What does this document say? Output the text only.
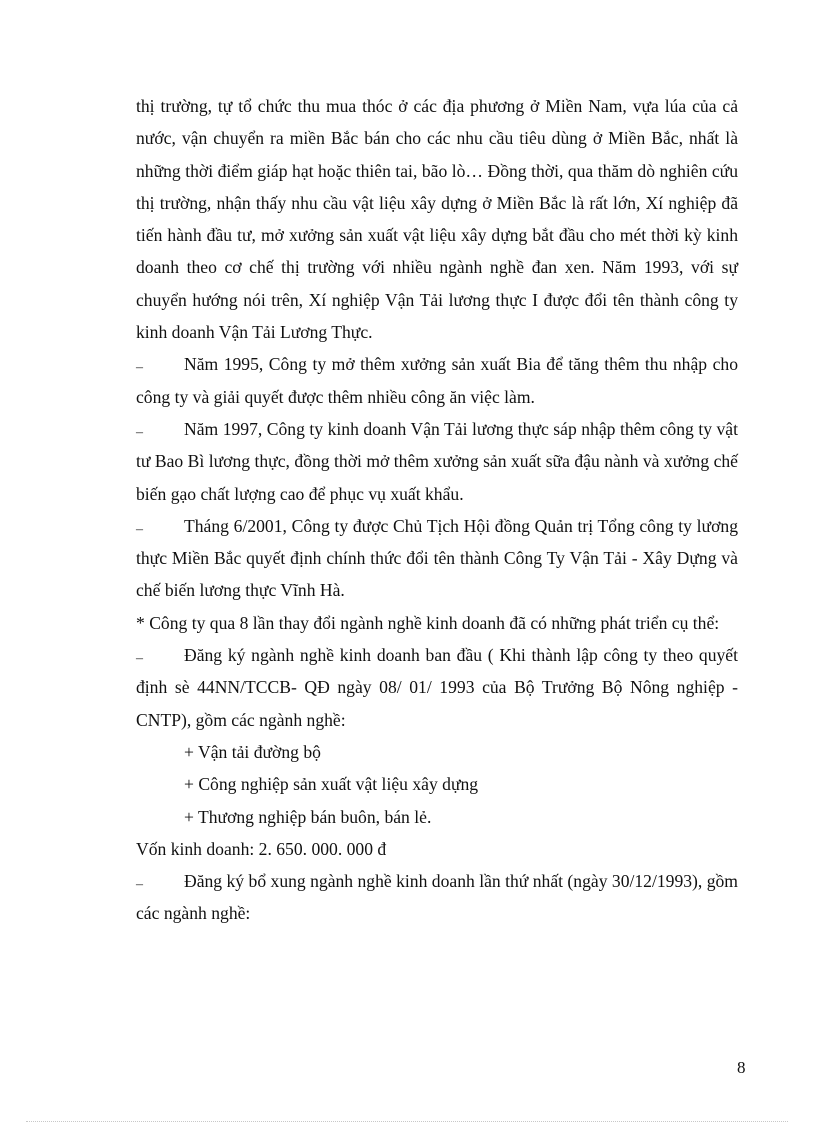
thị trường, tự tổ chức thu mua thóc ở các địa phương ở Miền Nam, vựa lúa của cả nước, vận chuyển ra miền Bắc bán cho các nhu cầu tiêu dùng ở Miền Bắc, nhất là những thời điểm giáp hạt hoặc thiên tai, bão lò… Đồng thời, qua thăm dò nghiên cứu thị trường, nhận thấy nhu cầu vật liệu xây dựng ở Miền Bắc là rất lớn, Xí nghiệp đã tiến hành đầu tư, mở xưởng sản xuất vật liệu xây dựng bắt đầu cho mét thời kỳ kinh doanh theo cơ chế thị trường với nhiều ngành nghề đan xen. Năm 1993, với sự chuyển hướng nói trên, Xí nghiệp Vận Tải lương thực I được đổi tên thành công ty kinh doanh Vận Tải Lương Thực.

– Năm 1995, Công ty mở thêm xưởng sản xuất Bia để tăng thêm thu nhập cho công ty và giải quyết được thêm nhiều công ăn việc làm.

– Năm 1997, Công ty kinh doanh Vận Tải lương thực sáp nhập thêm công ty vật tư Bao Bì lương thực, đồng thời mở thêm xưởng sản xuất sữa đậu nành và xưởng chế biến gạo chất lượng cao để phục vụ xuất khẩu.

– Tháng 6/2001, Công ty được Chủ Tịch Hội đồng Quản trị Tổng công ty lương thực Miền Bắc quyết định chính thức đổi tên thành Công Ty Vận Tải - Xây Dựng và chế biến lương thực Vĩnh Hà.

* Công ty qua 8 lần thay đổi ngành nghề kinh doanh đã có những phát triển cụ thể:

– Đăng ký ngành nghề kinh doanh ban đầu ( Khi thành lập công ty theo quyết định sè 44NN/TCCB- QĐ ngày 08/ 01/ 1993 của Bộ Trưởng Bộ Nông nghiệp - CNTP), gồm các ngành nghề:

+ Vận tải đường bộ

+ Công nghiệp sản xuất vật liệu xây dựng

+ Thương nghiệp bán buôn, bán lẻ.

Vốn kinh doanh: 2. 650. 000. 000 đ

– Đăng ký bổ xung ngành nghề kinh doanh lần thứ nhất (ngày 30/12/1993), gồm các ngành nghề:

8
